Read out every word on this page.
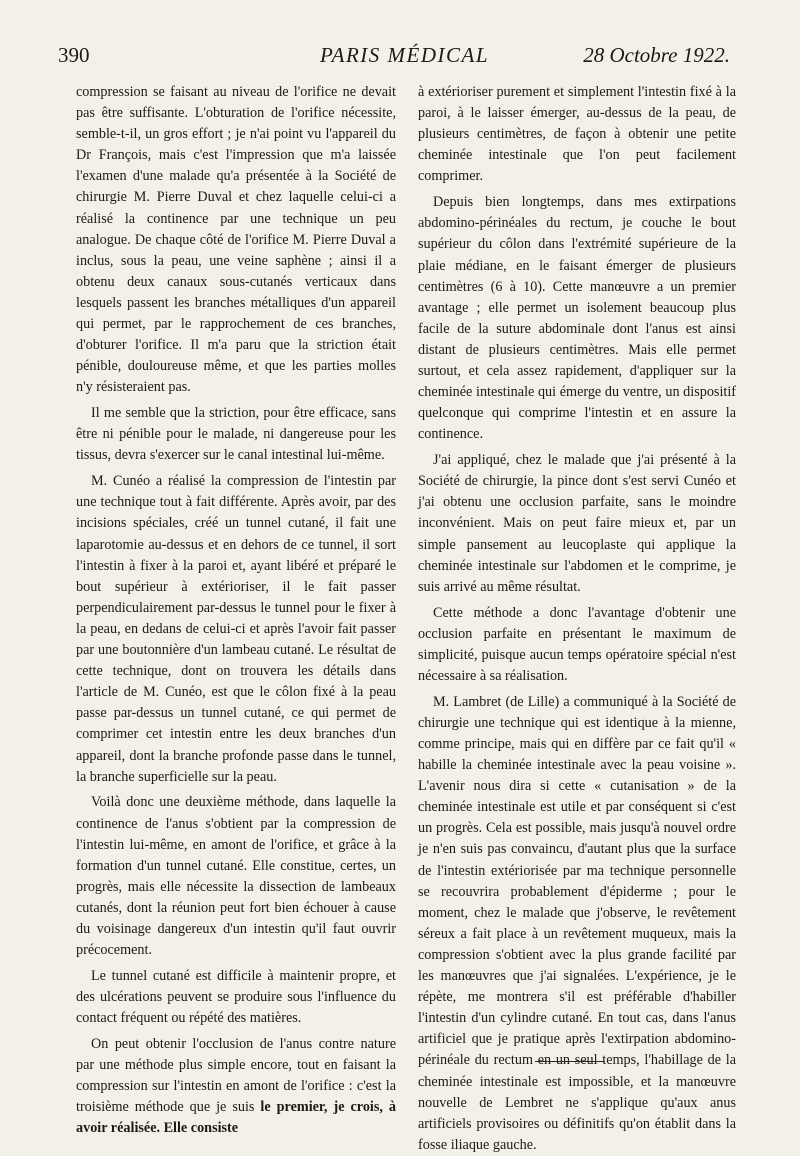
390	PARIS MÉDICAL	28 Octobre 1922.

compression se faisant au niveau de l'orifice ne devait pas être suffisante. L'obturation de l'orifice nécessite, semble-t-il, un gros effort ; je n'ai point vu l'appareil du Dr François, mais c'est l'impression que m'a laissée l'examen d'une malade qu'a présentée à la Société de chirurgie M. Pierre Duval et chez laquelle celui-ci a réalisé la continence par une technique un peu analogue. De chaque côté de l'orifice M. Pierre Duval a inclus, sous la peau, une veine saphène ; ainsi il a obtenu deux canaux sous-cutanés verticaux dans lesquels passent les branches métalliques d'un appareil qui permet, par le rapprochement de ces branches, d'obturer l'orifice. Il m'a paru que la striction était pénible, douloureuse même, et que les parties molles n'y résisteraient pas.

Il me semble que la striction, pour être efficace, sans être ni pénible pour le malade, ni dangereuse pour les tissus, devra s'exercer sur le canal intestinal lui-même.

M. Cunéo a réalisé la compression de l'intestin par une technique tout à fait différente. Après avoir, par des incisions spéciales, créé un tunnel cutané, il fait une laparotomie au-dessus et en dehors de ce tunnel, il sort l'intestin à fixer à la paroi et, ayant libéré et préparé le bout supérieur à extérioriser, il le fait passer perpendiculairement par-dessus le tunnel pour le fixer à la peau, en dedans de celui-ci et après l'avoir fait passer par une boutonnière d'un lambeau cutané. Le résultat de cette technique, dont on trouvera les détails dans l'article de M. Cunéo, est que le côlon fixé à la peau passe par-dessus un tunnel cutané, ce qui permet de comprimer cet intestin entre les deux branches d'un appareil, dont la branche profonde passe dans le tunnel, la branche superficielle sur la peau.

Voilà donc une deuxième méthode, dans laquelle la continence de l'anus s'obtient par la compression de l'intestin lui-même, en amont de l'orifice, et grâce à la formation d'un tunnel cutané. Elle constitue, certes, un progrès, mais elle nécessite la dissection de lambeaux cutanés, dont la réunion peut fort bien échouer à cause du voisinage dangereux d'un intestin qu'il faut ouvrir précocement.

Le tunnel cutané est difficile à maintenir propre, et des ulcérations peuvent se produire sous l'influence du contact fréquent ou répété des matières.

On peut obtenir l'occlusion de l'anus contre nature par une méthode plus simple encore, tout en faisant la compression sur l'intestin en amont de l'orifice : c'est la troisième méthode que je suis le premier, je crois, à avoir réalisée. Elle consiste

à extérioriser purement et simplement l'intestin fixé à la paroi, à le laisser émerger, au-dessus de la peau, de plusieurs centimètres, de façon à obtenir une petite cheminée intestinale que l'on peut facilement comprimer.

Depuis bien longtemps, dans mes extirpations abdomino-périnéales du rectum, je couche le bout supérieur du côlon dans l'extrémité supérieure de la plaie médiane, en le faisant émerger de plusieurs centimètres (6 à 10). Cette manœuvre a un premier avantage ; elle permet un isolement beaucoup plus facile de la suture abdominale dont l'anus est ainsi distant de plusieurs centimètres. Mais elle permet surtout, et cela assez rapidement, d'appliquer sur la cheminée intestinale qui émerge du ventre, un dispositif quelconque qui comprime l'intestin et en assure la continence.

J'ai appliqué, chez le malade que j'ai présenté à la Société de chirurgie, la pince dont s'est servi Cunéo et j'ai obtenu une occlusion parfaite, sans le moindre inconvénient. Mais on peut faire mieux et, par un simple pansement au leucoplaste qui applique la cheminée intestinale sur l'abdomen et le comprime, je suis arrivé au même résultat.

Cette méthode a donc l'avantage d'obtenir une occlusion parfaite en présentant le maximum de simplicité, puisque aucun temps opératoire spécial n'est nécessaire à sa réalisation.

M. Lambret (de Lille) a communiqué à la Société de chirurgie une technique qui est identique à la mienne, comme principe, mais qui en diffère par ce fait qu'il « habille la cheminée intestinale avec la peau voisine ». L'avenir nous dira si cette « cutanisation » de la cheminée intestinale est utile et par conséquent si c'est un progrès. Cela est possible, mais jusqu'à nouvel ordre je n'en suis pas convaincu, d'autant plus que la surface de l'intestin extériorisée par ma technique personnelle se recouvrira probablement d'épiderme ; pour le moment, chez le malade que j'observe, le revêtement séreux a fait place à un revêtement muqueux, mais la compression s'obtient avec la plus grande facilité par les manœuvres que j'ai signalées. L'expérience, je le répète, me montrera s'il est préférable d'habiller l'intestin d'un cylindre cutané. En tout cas, dans l'anus artificiel que je pratique après l'extirpation abdomino-périnéale du rectum en un seul temps, l'habillage de la cheminée intestinale est impossible, et la manœuvre nouvelle de Lembret ne s'applique qu'aux anus artificiels provisoires ou définitifs qu'on établit dans la fosse iliaque gauche.
